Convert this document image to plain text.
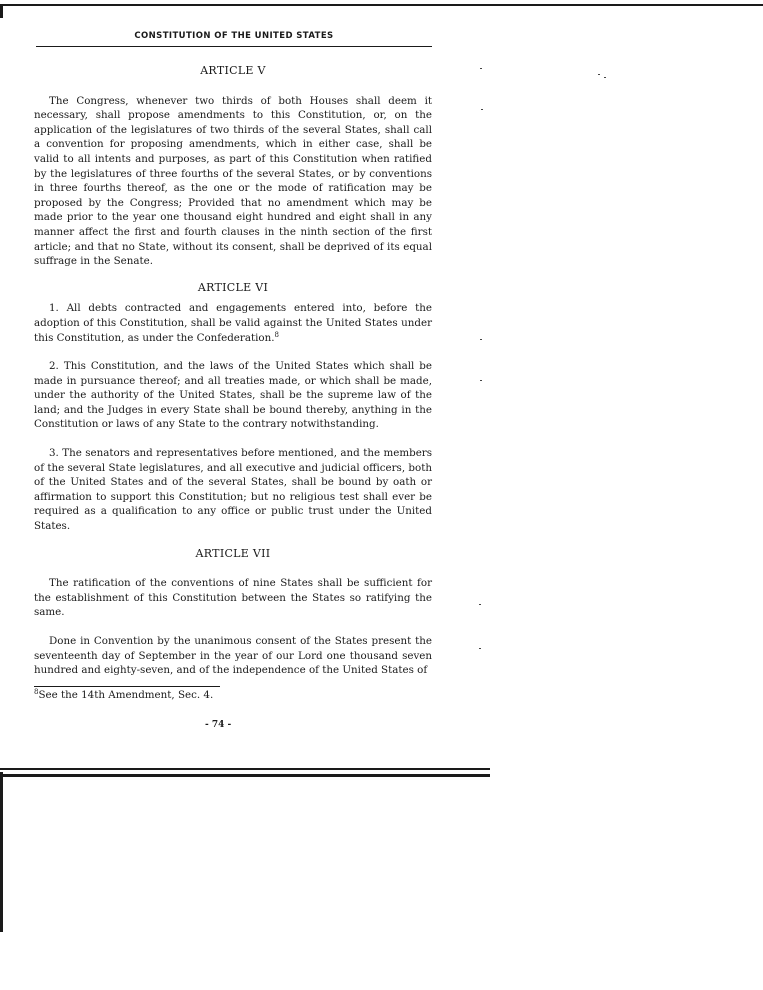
CONSTITUTION OF THE UNITED STATES
ARTICLE V

The Congress, whenever two thirds of both Houses shall deem it necessary, shall propose amendments to this Constitution, or, on the application of the legislatures of two thirds of the several States, shall call a convention for proposing amendments, which in either case, shall be valid to all intents and purposes, as part of this Constitution when ratified by the legislatures of three fourths of the several States, or by conventions in three fourths thereof, as the one or the mode of ratification may be proposed by the Congress; Provided that no amendment which may be made prior to the year one thousand eight hundred and eight shall in any manner affect the first and fourth clauses in the ninth section of the first article; and that no State, without its consent, shall be deprived of its equal suffrage in the Senate.

ARTICLE VI

1. All debts contracted and engagements entered into, before the adoption of this Constitution, shall be valid against the United States under this Constitution, as under the Confederation.$^8$

2. This Constitution, and the laws of the United States which shall be made in pursuance thereof; and all treaties made, or which shall be made, under the authority of the United States, shall be the supreme law of the land; and the Judges in every State shall be bound thereby, anything in the Constitution or laws of any State to the contrary notwithstanding.

3. The senators and representatives before mentioned, and the members of the several State legislatures, and all executive and judicial officers, both of the United States and of the several States, shall be bound by oath or affirmation to support this Constitution; but no religious test shall ever be required as a qualification to any office or public trust under the United States.

ARTICLE VII

The ratification of the conventions of nine States shall be sufficient for the establishment of this Constitution between the States so ratifying the same.

Done in Convention by the unanimous consent of the States present the seventeenth day of September in the year of our Lord one thousand seven hundred and eighty-seven, and of the independence of the United States of

$^8$See the 14th Amendment, Sec. 4.
- 74 -
